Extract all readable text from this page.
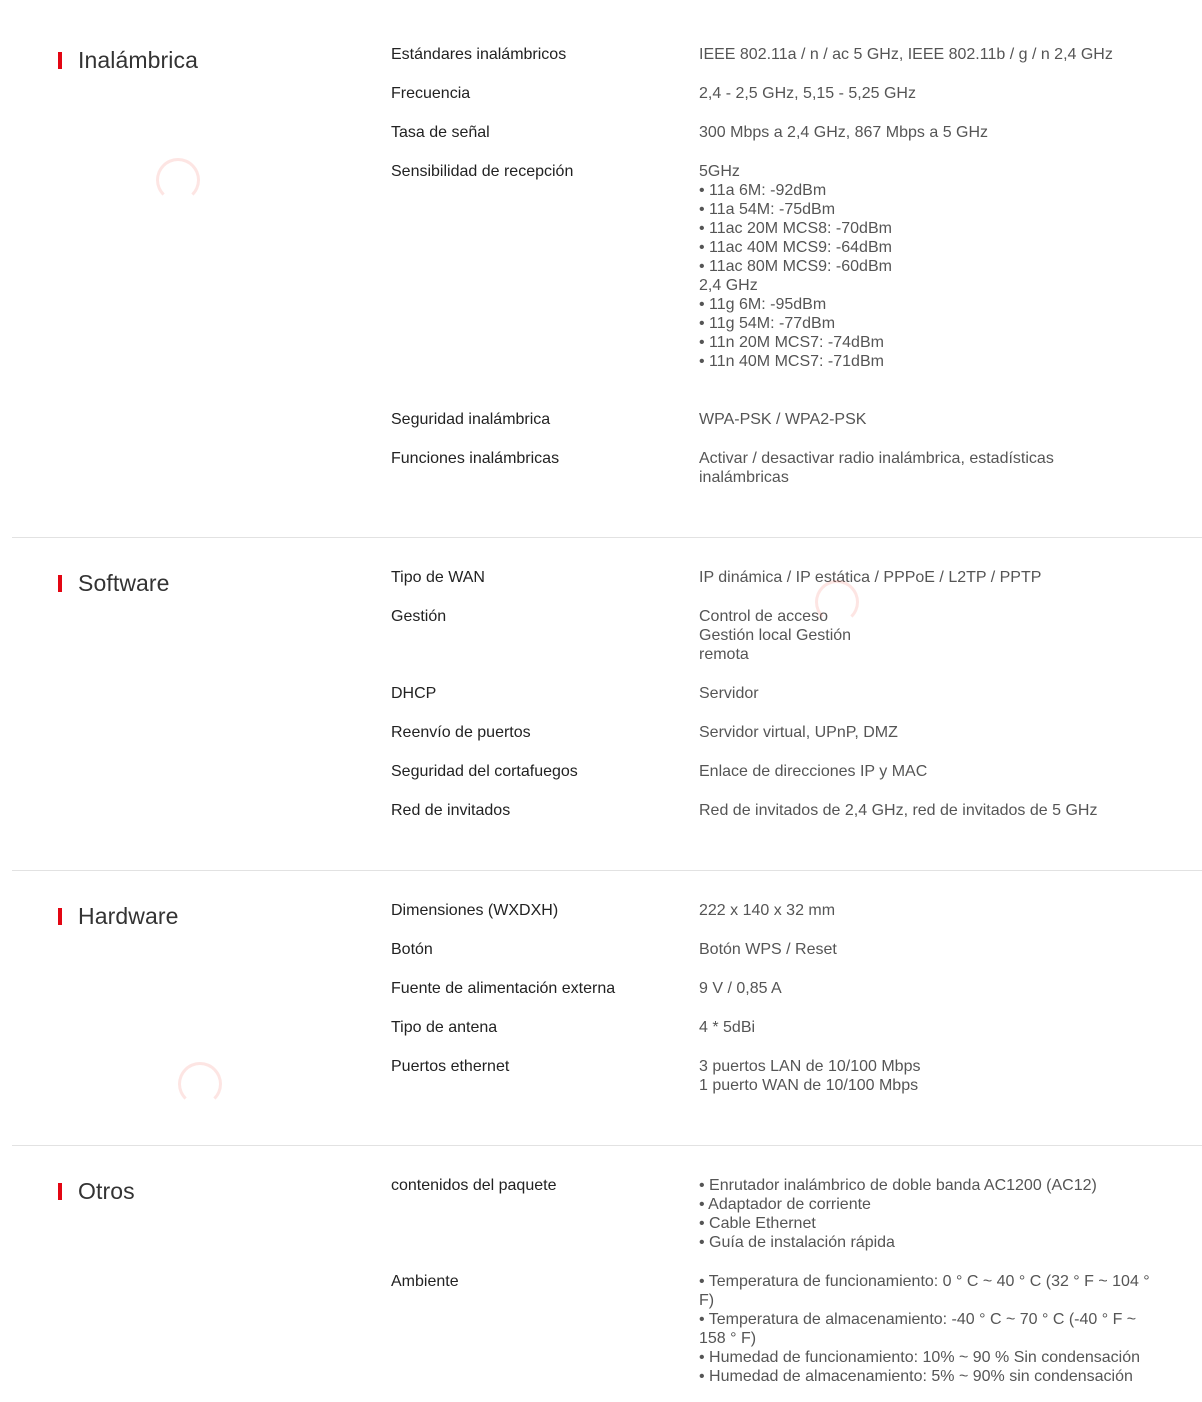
Inalámbrica	Estándares inalámbricos	IEEE 802.11a / n / ac 5 GHz, IEEE 802.11b / g / n 2,4 GHz
Frecuencia	2,4 - 2,5 GHz, 5,15 - 5,25 GHz
Tasa de señal	300 Mbps a 2,4 GHz, 867 Mbps a 5 GHz
Sensibilidad de recepción	5GHz
• 11a 6M: -92dBm
• 11a 54M: -75dBm
• 11ac 20M MCS8: -70dBm
• 11ac 40M MCS9: -64dBm
• 11ac 80M MCS9: -60dBm
2,4 GHz
• 11g 6M: -95dBm
• 11g 54M: -77dBm
• 11n 20M MCS7: -74dBm
• 11n 40M MCS7: -71dBm
Seguridad inalámbrica	WPA-PSK / WPA2-PSK
Funciones inalámbricas	Activar / desactivar radio inalámbrica, estadísticas
inalámbricas
Software	Tipo de WAN	IP dinámica / IP estática / PPPoE / L2TP / PPTP
Gestión	Control de acceso
Gestión local Gestión
remota
DHCP	Servidor
Reenvío de puertos	Servidor virtual, UPnP, DMZ
Seguridad del cortafuegos	Enlace de direcciones IP y MAC
Red de invitados	Red de invitados de 2,4 GHz, red de invitados de 5 GHz
Hardware	Dimensiones (WXDXH)	222 x 140 x 32 mm
Botón	Botón WPS / Reset
Fuente de alimentación externa	9 V / 0,85 A
Tipo de antena	4 * 5dBi
Puertos ethernet	3 puertos LAN de 10/100 Mbps
1 puerto WAN de 10/100 Mbps
Otros	contenidos del paquete	• Enrutador inalámbrico de doble banda AC1200 (AC12)
• Adaptador de corriente
• Cable Ethernet
• Guía de instalación rápida
Ambiente	• Temperatura de funcionamiento: 0 ° C ~ 40 ° C (32 ° F ~ 104 °
F)
• Temperatura de almacenamiento: -40 ° C ~ 70 ° C (-40 ° F ~
158 ° F)
• Humedad de funcionamiento: 10% ~ 90 % Sin condensación
• Humedad de almacenamiento: 5% ~ 90% sin condensación
